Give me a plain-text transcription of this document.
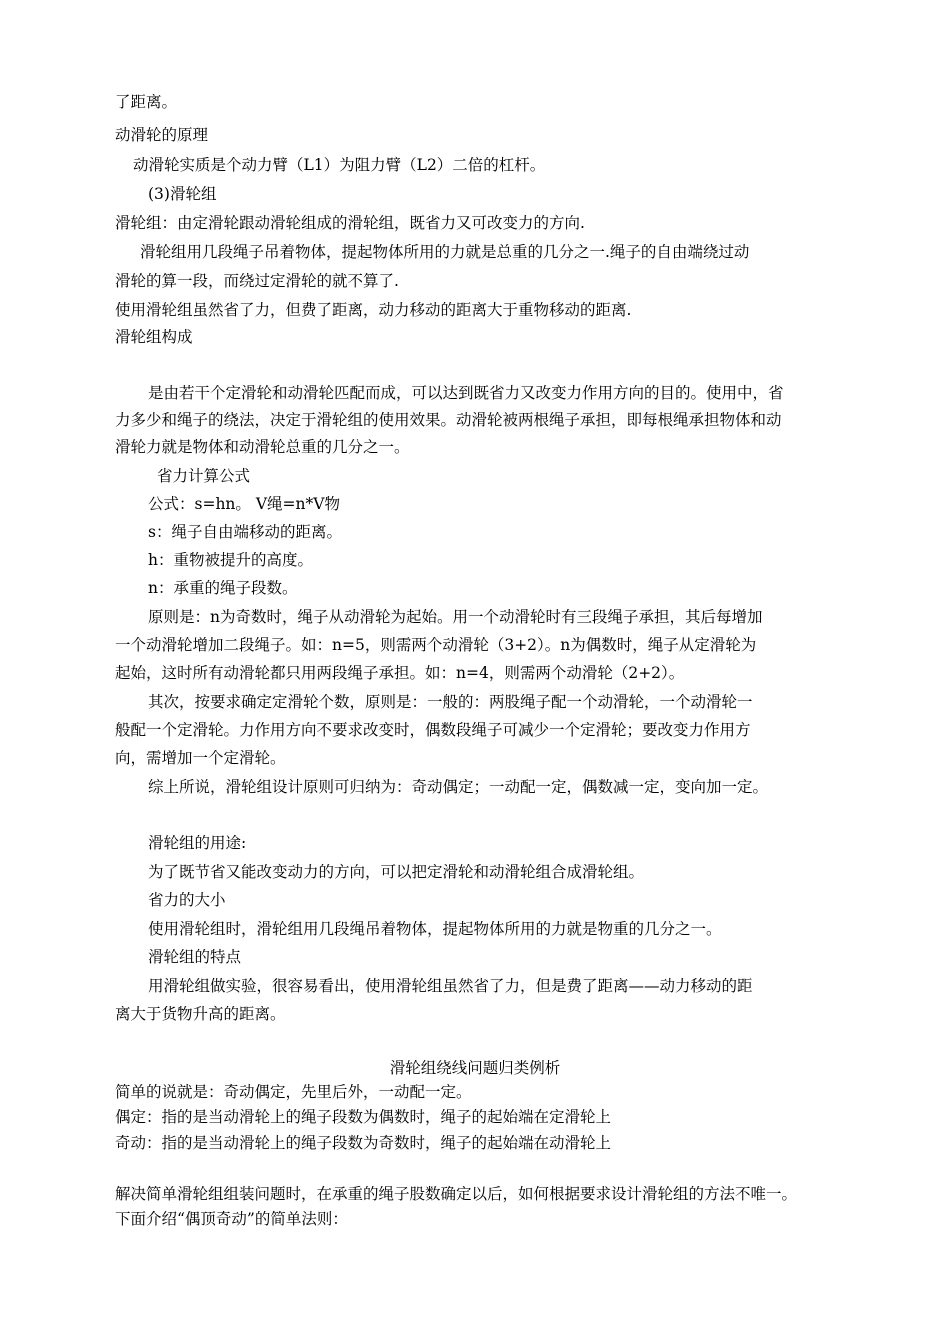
了距离。
动滑轮的原理
动滑轮实质是个动力臂（L1）为阻力臂（L2）二倍的杠杆。
(3)滑轮组
滑轮组：由定滑轮跟动滑轮组成的滑轮组，既省力又可改变力的方向.
滑轮组用几段绳子吊着物体，提起物体所用的力就是总重的几分之一.绳子的自由端绕过动
滑轮的算一段，而绕过定滑轮的就不算了.
使用滑轮组虽然省了力，但费了距离，动力移动的距离大于重物移动的距离.
滑轮组构成
是由若干个定滑轮和动滑轮匹配而成，可以达到既省力又改变力作用方向的目的。使用中，省
力多少和绳子的绕法，决定于滑轮组的使用效果。动滑轮被两根绳子承担，即每根绳承担物体和动
滑轮力就是物体和动滑轮总重的几分之一。
省力计算公式
公式：s=hn。 V绳=n*V物
s：绳子自由端移动的距离。
h：重物被提升的高度。
n：承重的绳子段数。
原则是：n为奇数时，绳子从动滑轮为起始。用一个动滑轮时有三段绳子承担，其后每增加
一个动滑轮增加二段绳子。如：n=5，则需两个动滑轮（3+2）。n为偶数时，绳子从定滑轮为
起始，这时所有动滑轮都只用两段绳子承担。如：n=4，则需两个动滑轮（2+2）。
其次，按要求确定定滑轮个数，原则是：一般的：两股绳子配一个动滑轮，一个动滑轮一
般配一个定滑轮。力作用方向不要求改变时，偶数段绳子可减少一个定滑轮；要改变力作用方
向，需增加一个定滑轮。
综上所说，滑轮组设计原则可归纳为：奇动偶定；一动配一定，偶数减一定，变向加一定。
滑轮组的用途:
为了既节省又能改变动力的方向，可以把定滑轮和动滑轮组合成滑轮组。
省力的大小
使用滑轮组时，滑轮组用几段绳吊着物体，提起物体所用的力就是物重的几分之一。
滑轮组的特点
用滑轮组做实验，很容易看出，使用滑轮组虽然省了力，但是费了距离——动力移动的距
离大于货物升高的距离。
滑轮组绕线问题归类例析
简单的说就是：奇动偶定，先里后外，一动配一定。
偶定：指的是当动滑轮上的绳子段数为偶数时，绳子的起始端在定滑轮上
奇动：指的是当动滑轮上的绳子段数为奇数时，绳子的起始端在动滑轮上
解决简单滑轮组组装问题时，在承重的绳子股数确定以后，如何根据要求设计滑轮组的方法不唯一。
下面介绍“偶顶奇动”的简单法则：
